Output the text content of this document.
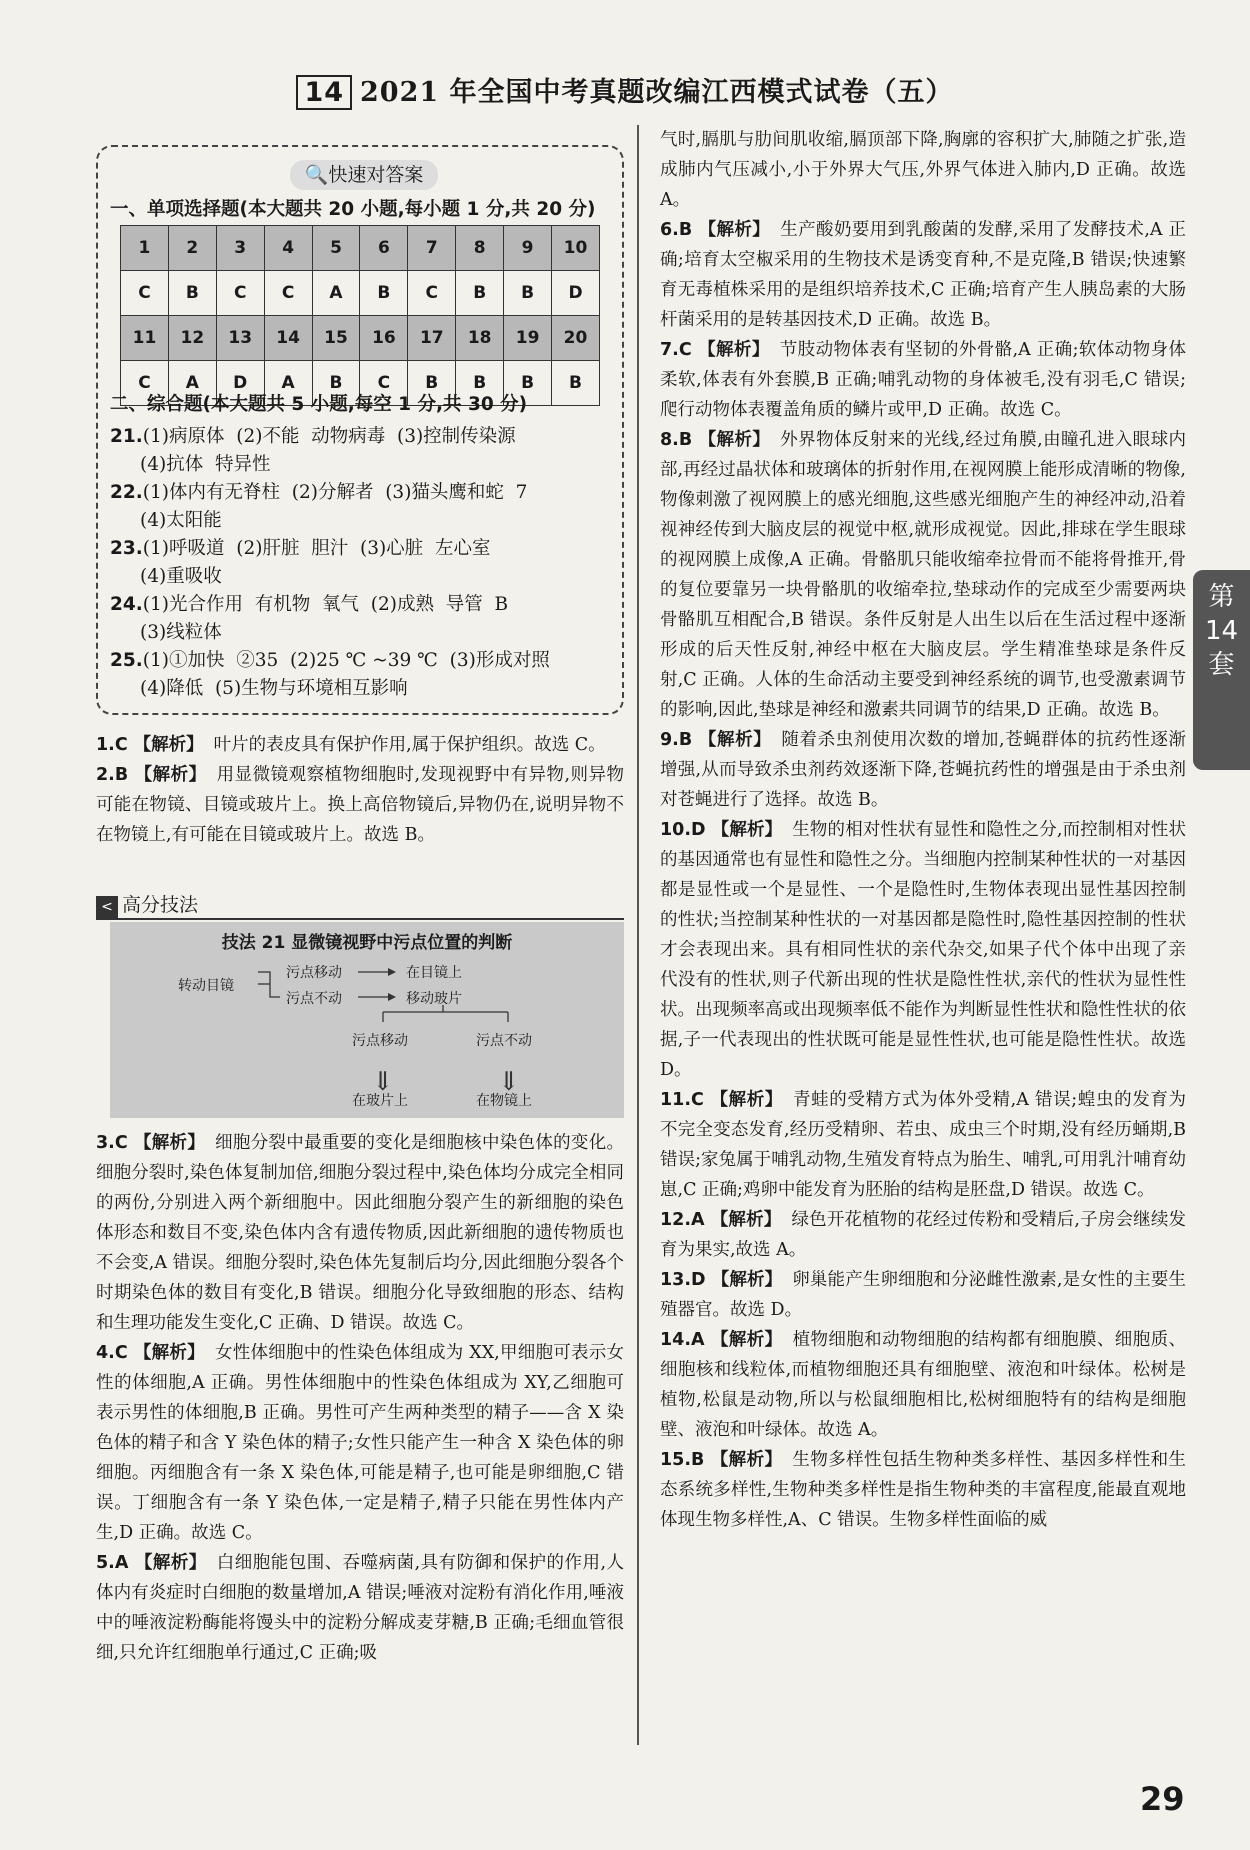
14 2021 年全国中考真题改编江西模式试卷（五）
🔍快速对答案
一、单项选择题(本大题共 20 小题,每小题 1 分,共 20 分)
1	2	3	4	5	6	7	8	9	10
C	B	C	C	A	B	C	B	B	D
11	12	13	14	15	16	17	18	19	20
C	A	D	A	B	C	B	B	B	B
二、综合题(本大题共 5 小题,每空 1 分,共 30 分)
21.(1)病原体  (2)不能  动物病毒  (3)控制传染源
(4)抗体  特异性
22.(1)体内有无脊柱  (2)分解者  (3)猫头鹰和蛇  7
(4)太阳能
23.(1)呼吸道  (2)肝脏  胆汁  (3)心脏  左心室
(4)重吸收
24.(1)光合作用  有机物  氧气  (2)成熟  导管  B
(3)线粒体
25.(1)①加快  ②35  (2)25 ℃ ~39 ℃  (3)形成对照
(4)降低  (5)生物与环境相互影响
1.C 【解析】 叶片的表皮具有保护作用,属于保护组织。故选 C。
2.B 【解析】 用显微镜观察植物细胞时,发现视野中有异物,则异物可能在物镜、目镜或玻片上。换上高倍物镜后,异物仍在,说明异物不在物镜上,有可能在目镜或玻片上。故选 B。
< 高分技法
技法 21 显微镜视野中污点位置的判断
转动目镜
⇓	⇓
污点移动	在目镜上
污点不动	移动玻片
污点移动	污点不动
在玻片上	在物镜上
3.C 【解析】 细胞分裂中最重要的变化是细胞核中染色体的变化。细胞分裂时,染色体复制加倍,细胞分裂过程中,染色体均分成完全相同的两份,分别进入两个新细胞中。因此细胞分裂产生的新细胞的染色体形态和数目不变,染色体内含有遗传物质,因此新细胞的遗传物质也不会变,A 错误。细胞分裂时,染色体先复制后均分,因此细胞分裂各个时期染色体的数目有变化,B 错误。细胞分化导致细胞的形态、结构和生理功能发生变化,C 正确、D 错误。故选 C。
4.C 【解析】 女性体细胞中的性染色体组成为 XX,甲细胞可表示女性的体细胞,A 正确。男性体细胞中的性染色体组成为 XY,乙细胞可表示男性的体细胞,B 正确。男性可产生两种类型的精子——含 X 染色体的精子和含 Y 染色体的精子;女性只能产生一种含 X 染色体的卵细胞。丙细胞含有一条 X 染色体,可能是精子,也可能是卵细胞,C 错误。丁细胞含有一条 Y 染色体,一定是精子,精子只能在男性体内产生,D 正确。故选 C。
5.A 【解析】 白细胞能包围、吞噬病菌,具有防御和保护的作用,人体内有炎症时白细胞的数量增加,A 错误;唾液对淀粉有消化作用,唾液中的唾液淀粉酶能将馒头中的淀粉分解成麦芽糖,B 正确;毛细血管很细,只允许红细胞单行通过,C 正确;吸
气时,膈肌与肋间肌收缩,膈顶部下降,胸廓的容积扩大,肺随之扩张,造成肺内气压减小,小于外界大气压,外界气体进入肺内,D 正确。故选 A。
6.B 【解析】 生产酸奶要用到乳酸菌的发酵,采用了发酵技术,A 正确;培育太空椒采用的生物技术是诱变育种,不是克隆,B 错误;快速繁育无毒植株采用的是组织培养技术,C 正确;培育产生人胰岛素的大肠杆菌采用的是转基因技术,D 正确。故选 B。
7.C 【解析】 节肢动物体表有坚韧的外骨骼,A 正确;软体动物身体柔软,体表有外套膜,B 正确;哺乳动物的身体被毛,没有羽毛,C 错误;爬行动物体表覆盖角质的鳞片或甲,D 正确。故选 C。
8.B 【解析】 外界物体反射来的光线,经过角膜,由瞳孔进入眼球内部,再经过晶状体和玻璃体的折射作用,在视网膜上能形成清晰的物像,物像刺激了视网膜上的感光细胞,这些感光细胞产生的神经冲动,沿着视神经传到大脑皮层的视觉中枢,就形成视觉。因此,排球在学生眼球的视网膜上成像,A 正确。骨骼肌只能收缩牵拉骨而不能将骨推开,骨的复位要靠另一块骨骼肌的收缩牵拉,垫球动作的完成至少需要两块骨骼肌互相配合,B 错误。条件反射是人出生以后在生活过程中逐渐形成的后天性反射,神经中枢在大脑皮层。学生精准垫球是条件反射,C 正确。人体的生命活动主要受到神经系统的调节,也受激素调节的影响,因此,垫球是神经和激素共同调节的结果,D 正确。故选 B。
9.B 【解析】 随着杀虫剂使用次数的增加,苍蝇群体的抗药性逐渐增强,从而导致杀虫剂药效逐渐下降,苍蝇抗药性的增强是由于杀虫剂对苍蝇进行了选择。故选 B。
10.D 【解析】 生物的相对性状有显性和隐性之分,而控制相对性状的基因通常也有显性和隐性之分。当细胞内控制某种性状的一对基因都是显性或一个是显性、一个是隐性时,生物体表现出显性基因控制的性状;当控制某种性状的一对基因都是隐性时,隐性基因控制的性状才会表现出来。具有相同性状的亲代杂交,如果子代个体中出现了亲代没有的性状,则子代新出现的性状是隐性性状,亲代的性状为显性性状。出现频率高或出现频率低不能作为判断显性性状和隐性性状的依据,子一代表现出的性状既可能是显性性状,也可能是隐性性状。故选 D。
11.C 【解析】 青蛙的受精方式为体外受精,A 错误;蝗虫的发育为不完全变态发育,经历受精卵、若虫、成虫三个时期,没有经历蛹期,B 错误;家兔属于哺乳动物,生殖发育特点为胎生、哺乳,可用乳汁哺育幼崽,C 正确;鸡卵中能发育为胚胎的结构是胚盘,D 错误。故选 C。
12.A 【解析】 绿色开花植物的花经过传粉和受精后,子房会继续发育为果实,故选 A。
13.D 【解析】 卵巢能产生卵细胞和分泌雌性激素,是女性的主要生殖器官。故选 D。
14.A 【解析】 植物细胞和动物细胞的结构都有细胞膜、细胞质、细胞核和线粒体,而植物细胞还具有细胞壁、液泡和叶绿体。松树是植物,松鼠是动物,所以与松鼠细胞相比,松树细胞特有的结构是细胞壁、液泡和叶绿体。故选 A。
15.B 【解析】 生物多样性包括生物种类多样性、基因多样性和生态系统多样性,生物种类多样性是指生物种类的丰富程度,能最直观地体现生物多样性,A、C 错误。生物多样性面临的威
第
14
套
29
